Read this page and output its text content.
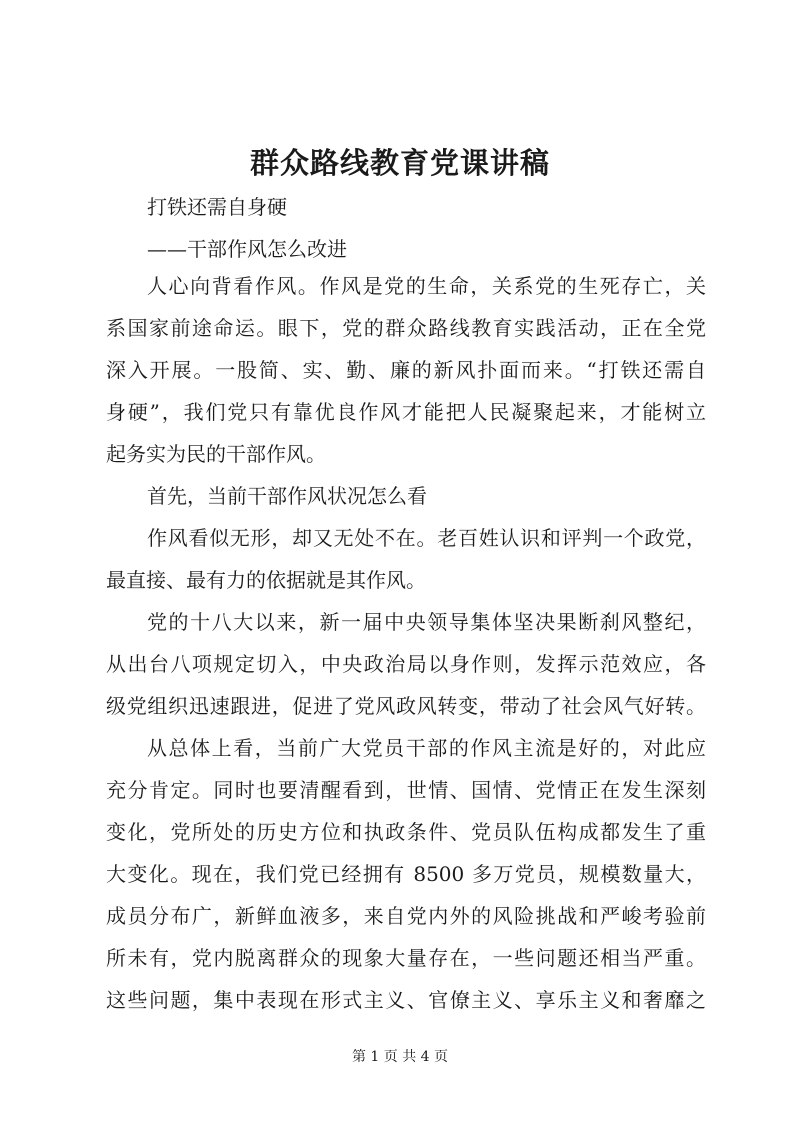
群众路线教育党课讲稿

打铁还需自身硬

——干部作风怎么改进

人心向背看作风。作风是党的生命，关系党的生死存亡，关

系国家前途命运。眼下，党的群众路线教育实践活动，正在全党

深入开展。一股简、实、勤、廉的新风扑面而来。“打铁还需自

身硬”，我们党只有靠优良作风才能把人民凝聚起来，才能树立

起务实为民的干部作风。

首先，当前干部作风状况怎么看

作风看似无形，却又无处不在。老百姓认识和评判一个政党，

最直接、最有力的依据就是其作风。

党的十八大以来，新一届中央领导集体坚决果断刹风整纪，

从出台八项规定切入，中央政治局以身作则，发挥示范效应，各

级党组织迅速跟进，促进了党风政风转变，带动了社会风气好转。

从总体上看，当前广大党员干部的作风主流是好的，对此应

充分肯定。同时也要清醒看到，世情、国情、党情正在发生深刻

变化，党所处的历史方位和执政条件、党员队伍构成都发生了重

大变化。现在，我们党已经拥有 8500 多万党员，规模数量大，

成员分布广，新鲜血液多，来自党内外的风险挑战和严峻考验前

所未有，党内脱离群众的现象大量存在，一些问题还相当严重。

这些问题，集中表现在形式主义、官僚主义、享乐主义和奢靡之

第 1 页 共 4 页
